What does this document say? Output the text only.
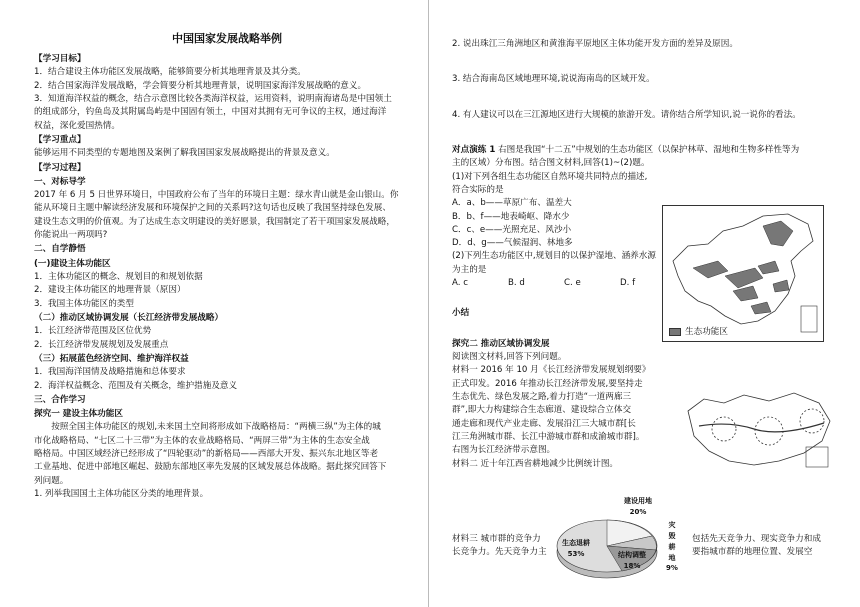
中国国家发展战略举例

【学习目标】

1．结合建设主体功能区发展战略，能够简要分析其地理背景及其分类。

2．结合国家海洋发展战略，学会简要分析其地理背景，说明国家海洋发展战略的意义。

3．知道海洋权益的概念，结合示意图比较各类海洋权益，运用资料，说明南海诸岛是中国领土

的组成部分，钓鱼岛及其附属岛屿是中国固有领土，中国对其拥有无可争议的主权，通过海洋

权益，深化爱国热情。

【学习重点】

能够运用不同类型的专题地图及案例了解我国国家发展战略提出的背景及意义。

【学习过程】

一、对标导学

2017 年 6 月 5 日世界环境日，中国政府公布了当年的环境日主题：绿水青山就是金山银山。你

能从环境日主题中解读经济发展和环境保护之间的关系吗?这句话也反映了我国坚持绿色发展、

建设生态文明的价值观。为了达成生态文明建设的美好愿景，我国制定了若干项国家发展战略，

你能说出一两项吗?

二、自学静悟

(一)建设主体功能区

1．主体功能区的概念、规划目的和规划依据

2．建设主体功能区的地理背景（原因）

3．我国主体功能区的类型

（二）推动区域协调发展（长江经济带发展战略）

1．长江经济带范围及区位优势

2．长江经济带发展规划及发展重点

（三）拓展蓝色经济空间、维护海洋权益

1．我国海洋国情及战略措施和总体要求

2．海洋权益概念、范围及有关概念，维护措施及意义

三、合作学习

探究一 建设主体功能区

按照全国主体功能区的规划,未来国土空间将形成如下战略格局：“两横三纵”为主体的城

市化战略格局、“七区二十三带”为主体的农业战略格局、“两屏三带”为主体的生态安全战

略格局。中国区域经济已经形成了“四轮驱动”的新格局——西部大开发、振兴东北地区等老

工业基地、促进中部地区崛起、鼓励东部地区率先发展的区域发展总体战略。据此探究回答下

列问题。

1. 列举我国国土主体功能区分类的地理背景。

2. 说出珠江三角洲地区和黄淮海平原地区主体功能开发方面的差异及原因。

3. 结合海南岛区域地理环境,说说海南岛的区域开发。

4. 有人建议可以在三江源地区进行大规模的旅游开发。请你结合所学知识,说一说你的看法。

对点演练 1 右图是我国“十二五”中规划的生态功能区（以保护林草、湿地和生物多样性等为

主的区域）分布图。结合图文材料,回答(1)~(2)题。

(1)对下列各组生态功能区自然环境共同特点的描述,

符合实际的是

A．a、b——草原广布、温差大

B．b、f——地表崎岖、降水少

C．c、e——光照充足、风沙小

D．d、g——气候湿润、林地多

(2)下列生态功能区中,规划目的以保护湿地、涵养水源

为主的是

A. c	B. d	C. e	D. f

小结

探究二 推动区域协调发展

阅读图文材料,回答下列问题。

材料一 2016 年 10 月《长江经济带发展规划纲要》

正式印发。2016 年推动长江经济带发展,要坚持走

生态优先、绿色发展之路,着力打造“一道两廊三

群”,即大力构建综合生态廊道、建设综合立体交

通走廊和现代产业走廊、发展沿江三大城市群[长

江三角洲城市群、长江中游城市群和成渝城市群]。

右图为长江经济带示意图。

材料二 近十年江西省耕地减少比例统计图。

生态功能区
建设用地
20%
灾毁耕地
9%
结构调整
18%
生态退耕
53%

材料三 城市群的竞争力	包括先天竞争力、现实竞争力和成

长竞争力。先天竞争力主	要指城市群的地理位置、发展空
